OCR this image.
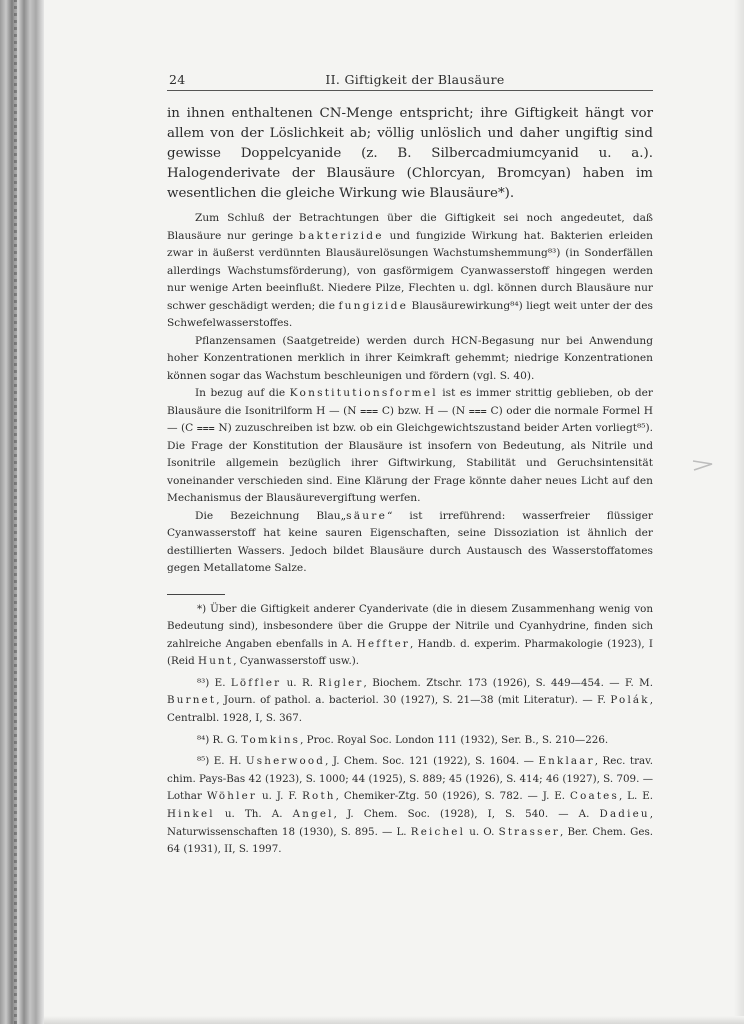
24	II. Giftigkeit der Blausäure

in ihnen enthaltenen CN-Menge entspricht; ihre Giftigkeit hängt vor allem von der Löslichkeit ab; völlig unlöslich und daher ungiftig sind gewisse Doppelcyanide (z. B. Silbercadmiumcyanid u. a.). Halogenderivate der Blausäure (Chlorcyan, Bromcyan) haben im wesentlichen die gleiche Wirkung wie Blausäure*).

Zum Schluß der Betrachtungen über die Giftigkeit sei noch angedeutet, daß Blausäure nur geringe bakterizide und fungizide Wirkung hat. Bakterien erleiden zwar in äußerst verdünnten Blausäurelösungen Wachstumshemmung⁸³) (in Sonderfällen allerdings Wachstumsförderung), von gasförmigem Cyanwasserstoff hingegen werden nur wenige Arten beeinflußt. Niedere Pilze, Flechten u. dgl. können durch Blausäure nur schwer geschädigt werden; die fungizide Blausäurewirkung⁸⁴) liegt weit unter der des Schwefelwasserstoffes.

Pflanzensamen (Saatgetreide) werden durch HCN-Begasung nur bei Anwendung hoher Konzentrationen merklich in ihrer Keimkraft gehemmt; niedrige Konzentrationen können sogar das Wachstum beschleunigen und fördern (vgl. S. 40).

In bezug auf die Konstitutionsformel ist es immer strittig geblieben, ob der Blausäure die Isonitrilform H — (N ⩶ C) bzw. H — (N ⩶ C) oder die normale Formel H — (C ⩶ N) zuzuschreiben ist bzw. ob ein Gleichgewichtszustand beider Arten vorliegt⁸⁵). Die Frage der Konstitution der Blausäure ist insofern von Bedeutung, als Nitrile und Isonitrile allgemein bezüglich ihrer Giftwirkung, Stabilität und Geruchsintensität voneinander verschieden sind. Eine Klärung der Frage könnte daher neues Licht auf den Mechanismus der Blausäurevergiftung werfen.

Die Bezeichnung Blau„säure“ ist irreführend: wasserfreier flüssiger Cyanwasserstoff hat keine sauren Eigenschaften, seine Dissoziation ist ähnlich der destillierten Wassers. Jedoch bildet Blausäure durch Austausch des Wasserstoffatomes gegen Metallatome Salze.

*) Über die Giftigkeit anderer Cyanderivate (die in diesem Zusammenhang wenig von Bedeutung sind), insbesondere über die Gruppe der Nitrile und Cyanhydrine, finden sich zahlreiche Angaben ebenfalls in A. Heffter, Handb. d. experim. Pharmakologie (1923), I (Reid Hunt, Cyanwasserstoff usw.).

⁸³) E. Löffler u. R. Rigler, Biochem. Ztschr. 173 (1926), S. 449—454. — F. M. Burnet, Journ. of pathol. a. bacteriol. 30 (1927), S. 21—38 (mit Literatur). — F. Polák, Centralbl. 1928, I, S. 367.

⁸⁴) R. G. Tomkins, Proc. Royal Soc. London 111 (1932), Ser. B., S. 210—226.

⁸⁵) E. H. Usherwood, J. Chem. Soc. 121 (1922), S. 1604. — Enklaar, Rec. trav. chim. Pays-Bas 42 (1923), S. 1000; 44 (1925), S. 889; 45 (1926), S. 414; 46 (1927), S. 709. — Lothar Wöhler u. J. F. Roth, Chemiker-Ztg. 50 (1926), S. 782. — J. E. Coates, L. E. Hinkel u. Th. A. Angel, J. Chem. Soc. (1928), I, S. 540. — A. Dadieu, Naturwissenschaften 18 (1930), S. 895. — L. Reichel u. O. Strasser, Ber. Chem. Ges. 64 (1931), II, S. 1997.
